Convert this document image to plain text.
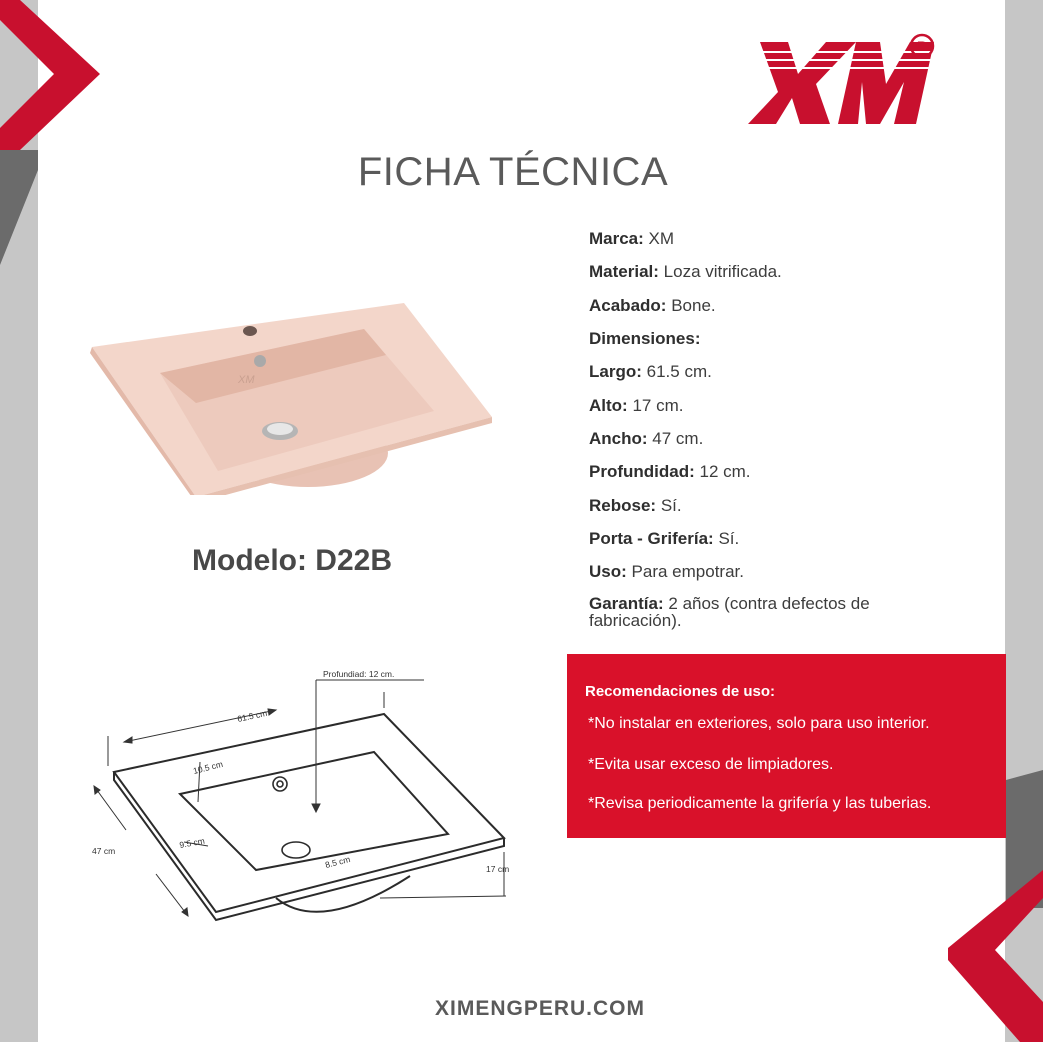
R
FICHA TÉCNICA
Marca: XM
Material: Loza vitrificada.
Acabado: Bone.
Dimensiones:
Largo: 61.5 cm.
Alto: 17 cm.
Ancho: 47 cm.
Profundidad: 12 cm.
Rebose: Sí.
Porta - Grifería: Sí.
Uso: Para empotrar.
Garantía: 2 años (contra defectos de fabricación).
XM
Modelo: D22B
Profundiad: 12 cm.
61.5 cm
10.5 cm
47 cm
9.5 cm
8.5 cm	17 cm
Recomendaciones de uso:
*No instalar en exteriores, solo para uso interior.
*Evita usar exceso de limpiadores.
*Revisa periodicamente la grifería y las tuberias.
XIMENGPERU.COM
